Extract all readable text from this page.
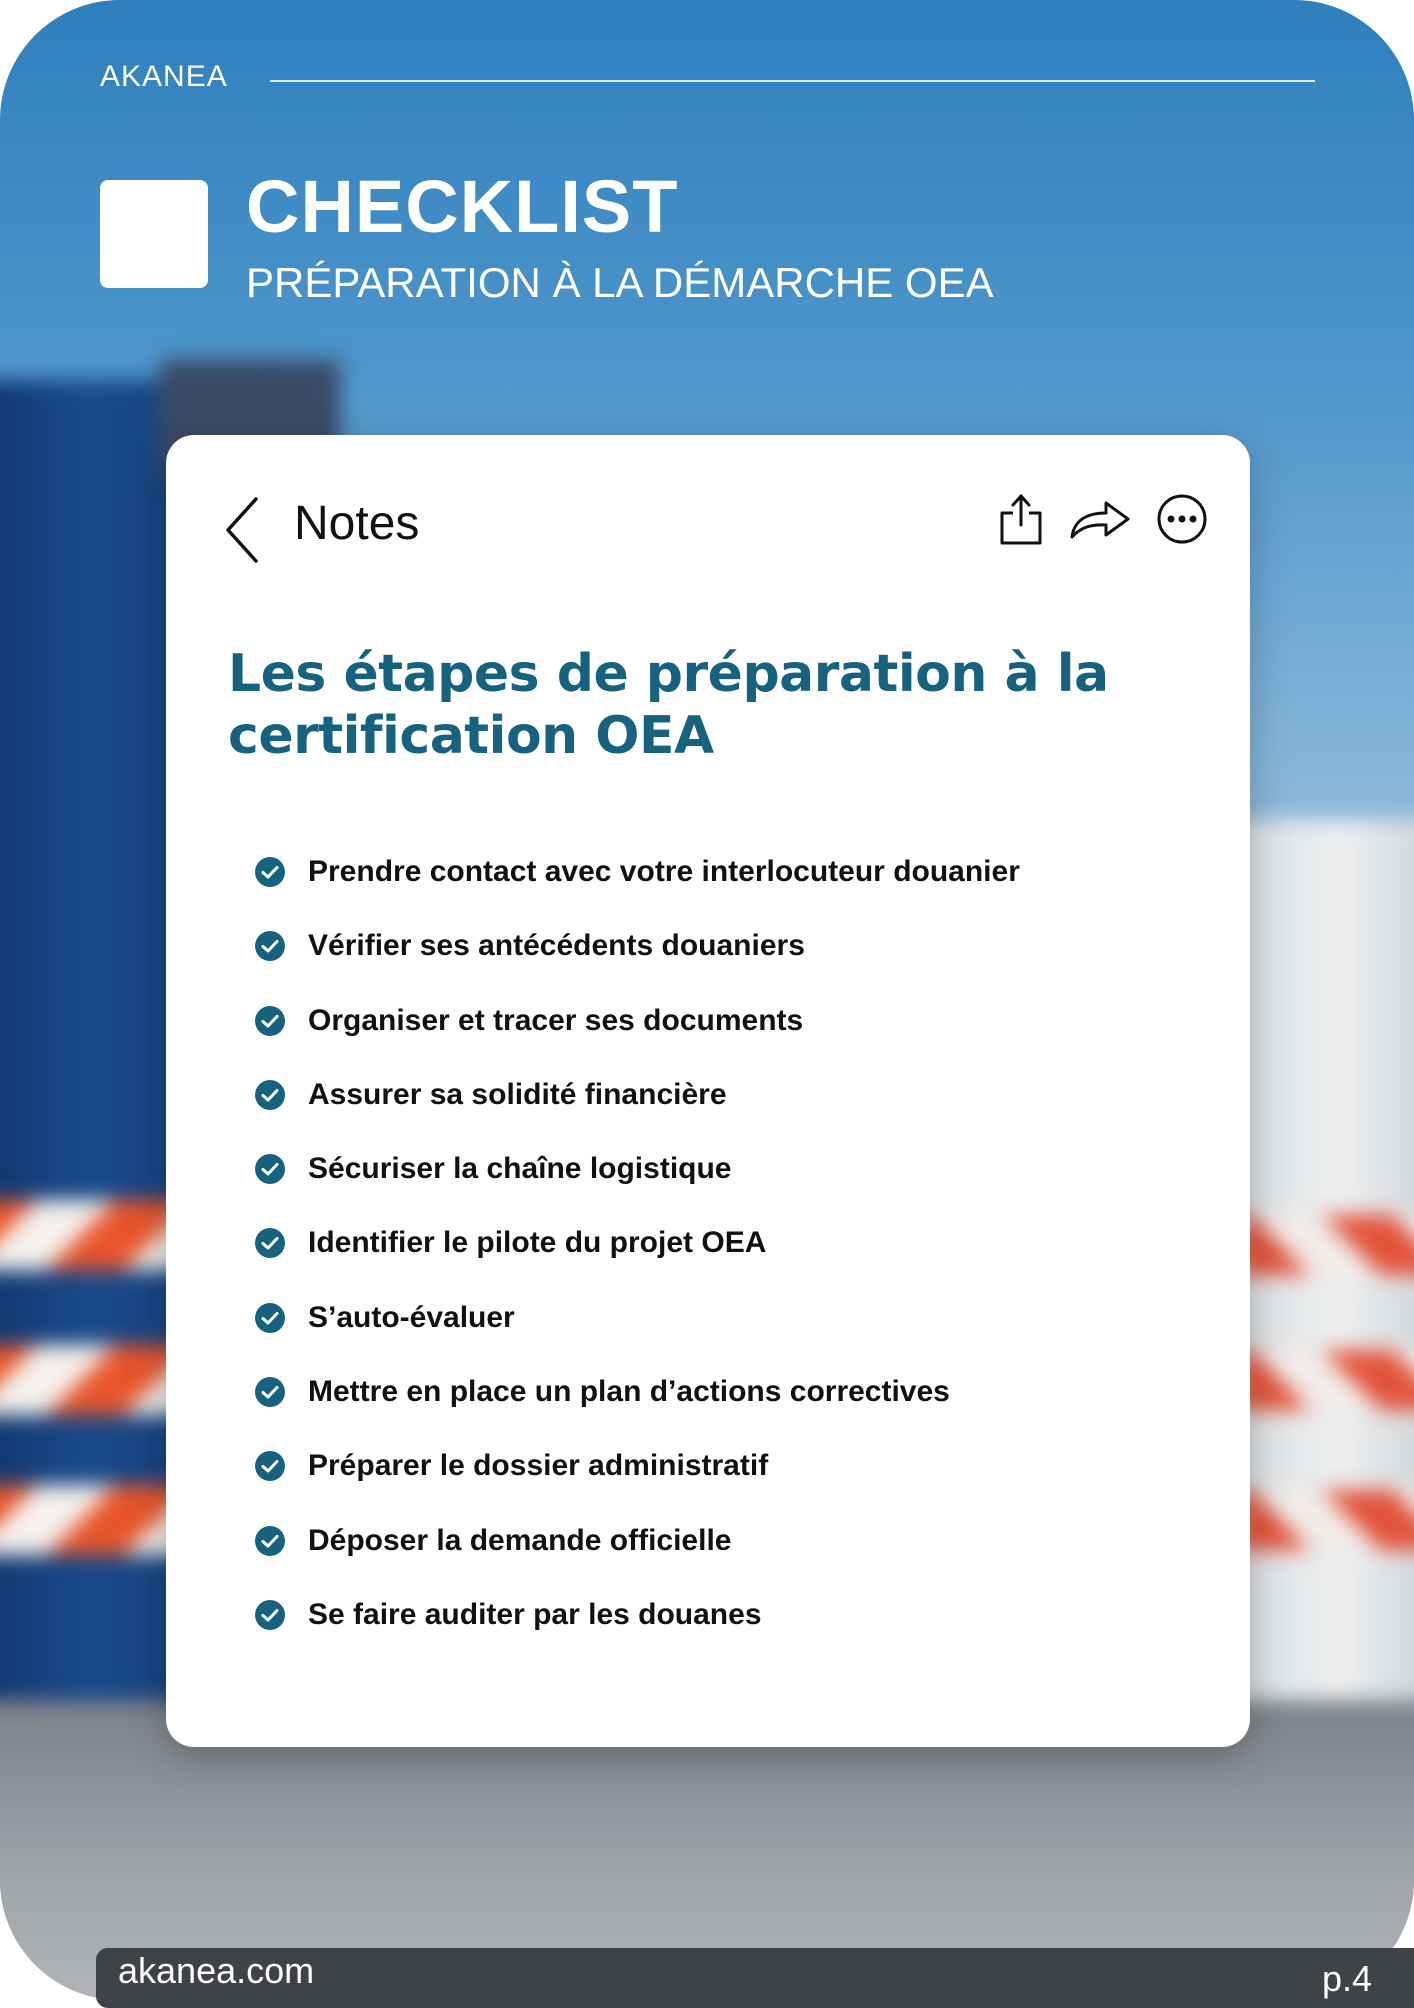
AKANEA
CHECKLIST
PRÉPARATION À LA DÉMARCHE OEA
Notes
Les étapes de préparation à la
certification OEA
Prendre contact avec votre interlocuteur douanier
Vérifier ses antécédents douaniers
Organiser et tracer ses documents
Assurer sa solidité financière
Sécuriser la chaîne logistique
Identifier le pilote du projet OEA
S’auto-évaluer
Mettre en place un plan d’actions correctives
Préparer le dossier administratif
Déposer la demande officielle
Se faire auditer par les douanes
akanea.com	p.4
